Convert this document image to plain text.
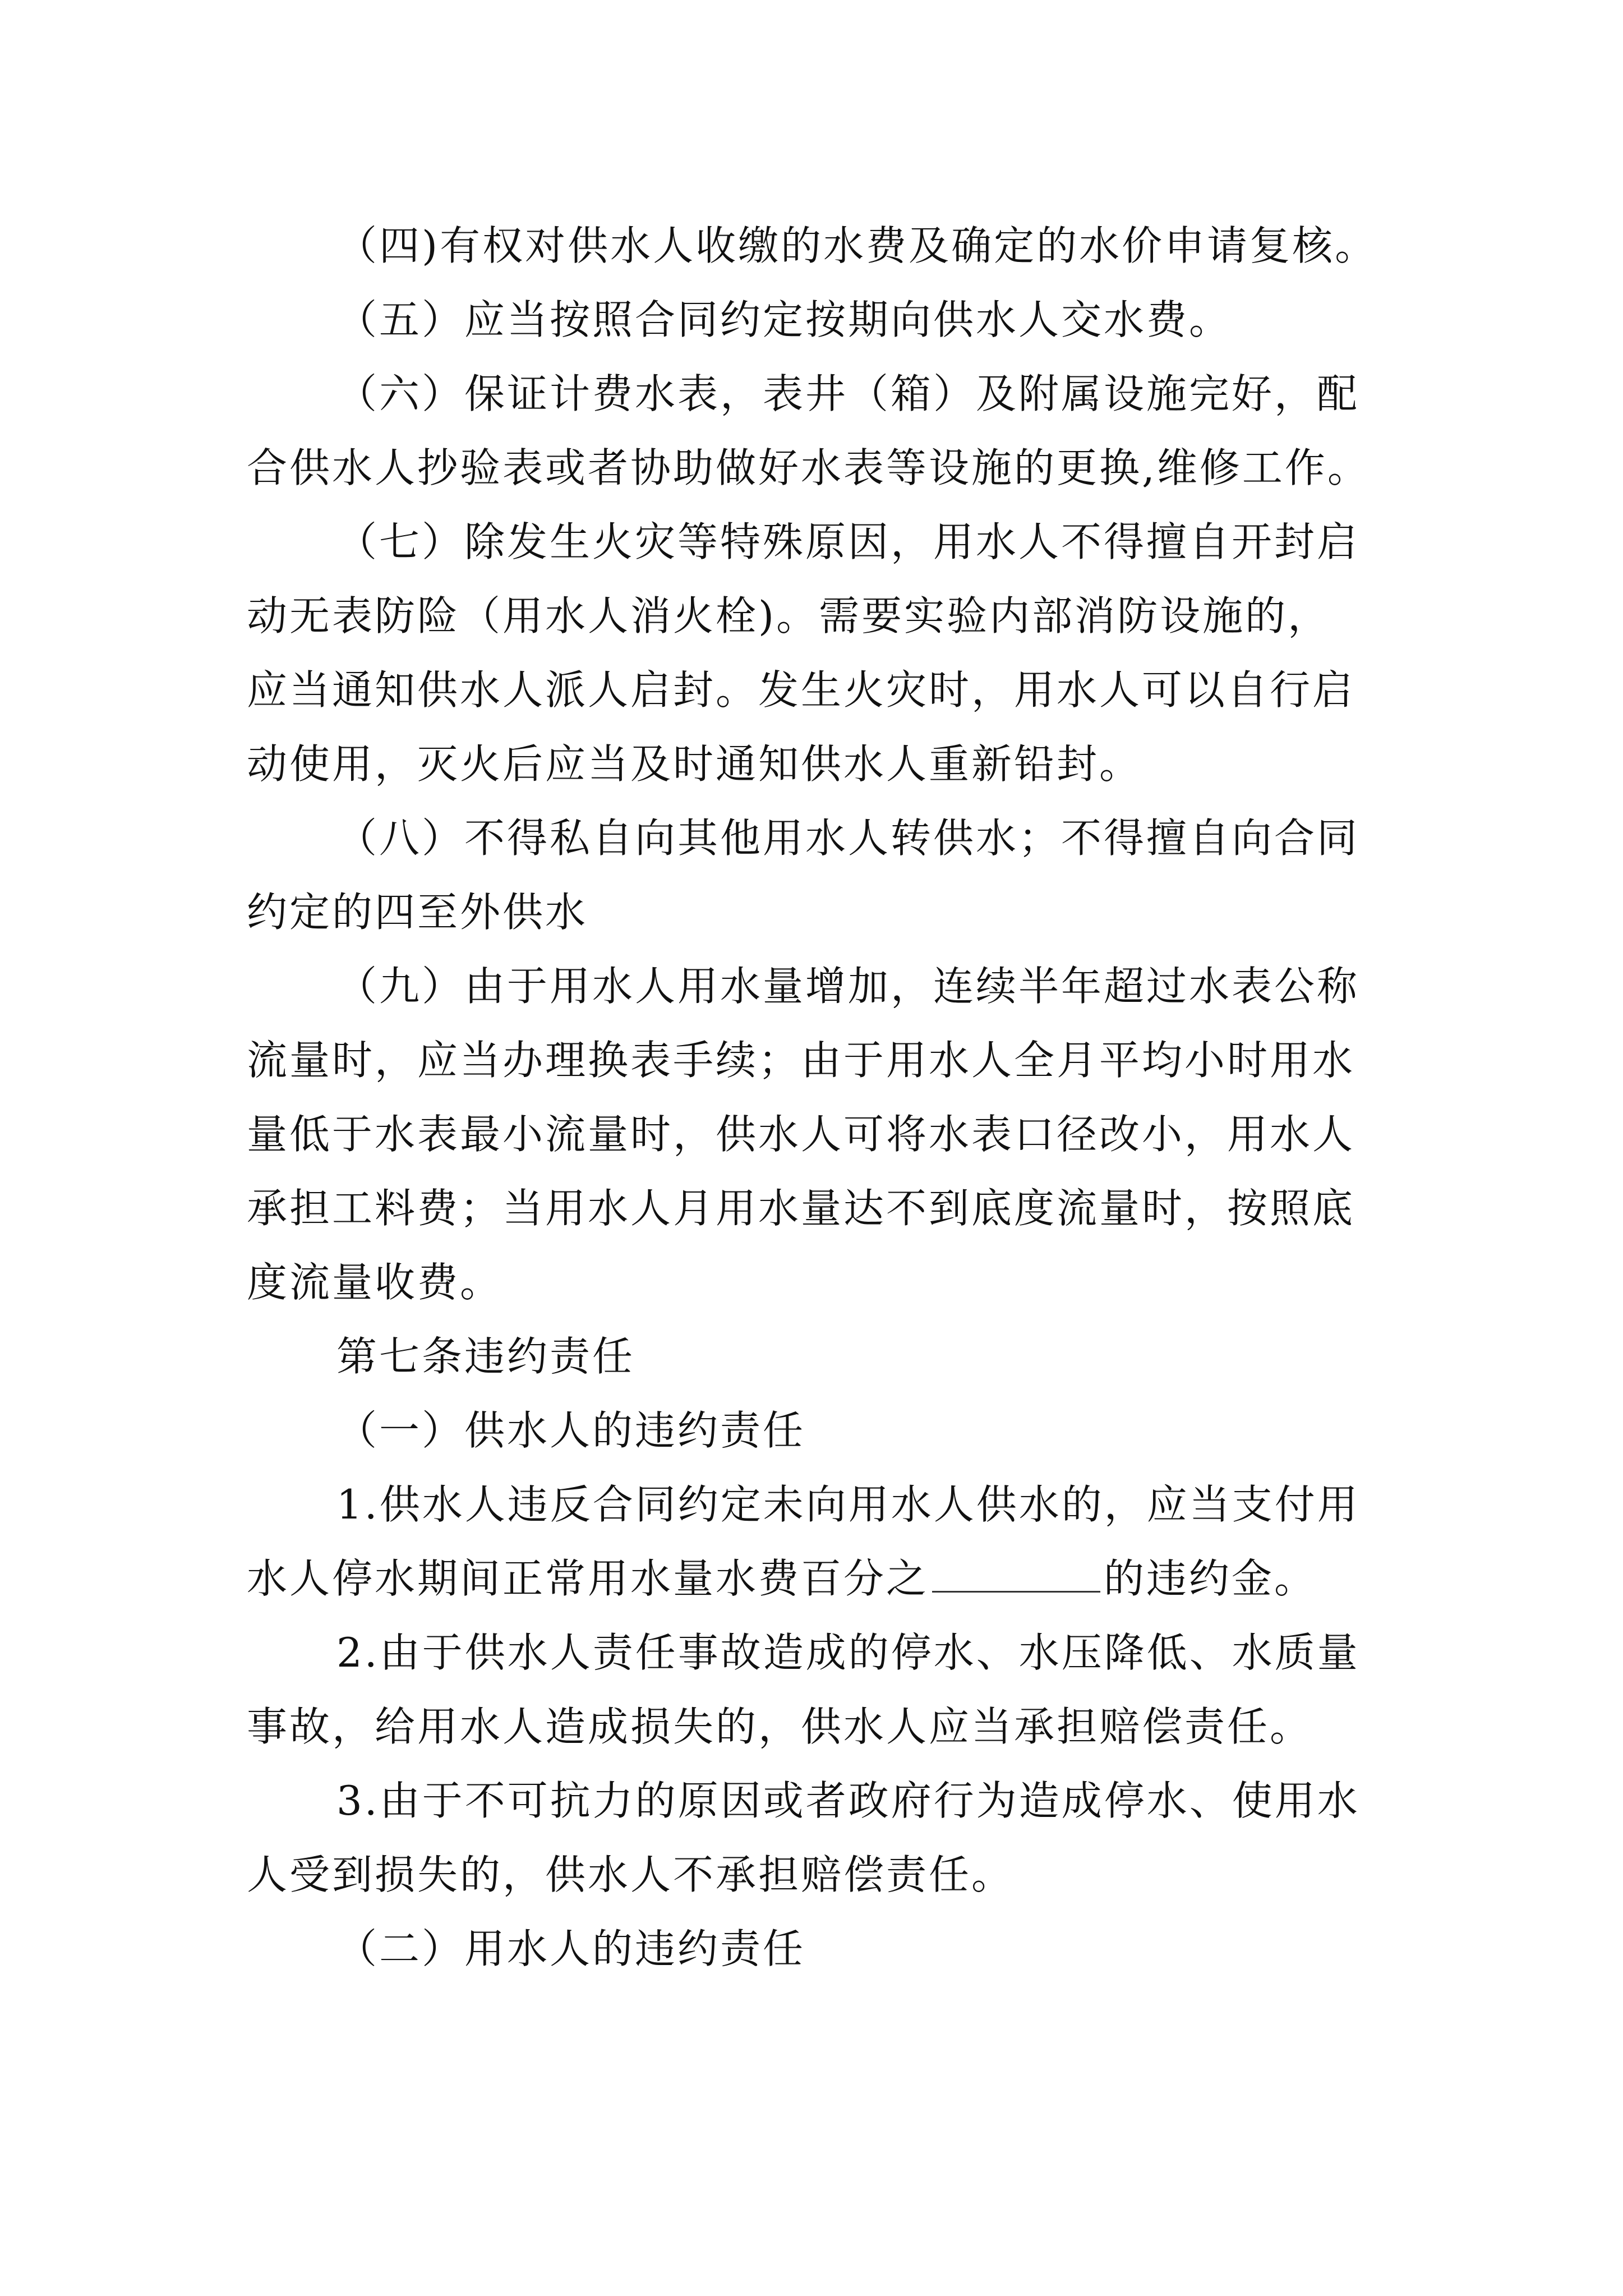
（四)有权对供水人收缴的水费及确定的水价申请复核。
（五）应当按照合同约定按期向供水人交水费。
（六）保证计费水表，表井（箱）及附属设施完好，配
合供水人抄验表或者协助做好水表等设施的更换,维修工作。
（七）除发生火灾等特殊原因，用水人不得擅自开封启
动无表防险（用水人消火栓)。需要实验内部消防设施的，
应当通知供水人派人启封。发生火灾时，用水人可以自行启
动使用，灭火后应当及时通知供水人重新铅封。
（八）不得私自向其他用水人转供水；不得擅自向合同
约定的四至外供水
（九）由于用水人用水量增加，连续半年超过水表公称
流量时，应当办理换表手续；由于用水人全月平均小时用水
量低于水表最小流量时，供水人可将水表口径改小，用水人
承担工料费；当用水人月用水量达不到底度流量时，按照底
度流量收费。
第七条违约责任
（一）供水人的违约责任
1.供水人违反合同约定未向用水人供水的，应当支付用
水人停水期间正常用水量水费百分之	的违约金。
2.由于供水人责任事故造成的停水、水压降低、水质量
事故，给用水人造成损失的，供水人应当承担赔偿责任。
3.由于不可抗力的原因或者政府行为造成停水、使用水
人受到损失的，供水人不承担赔偿责任。
（二）用水人的违约责任
